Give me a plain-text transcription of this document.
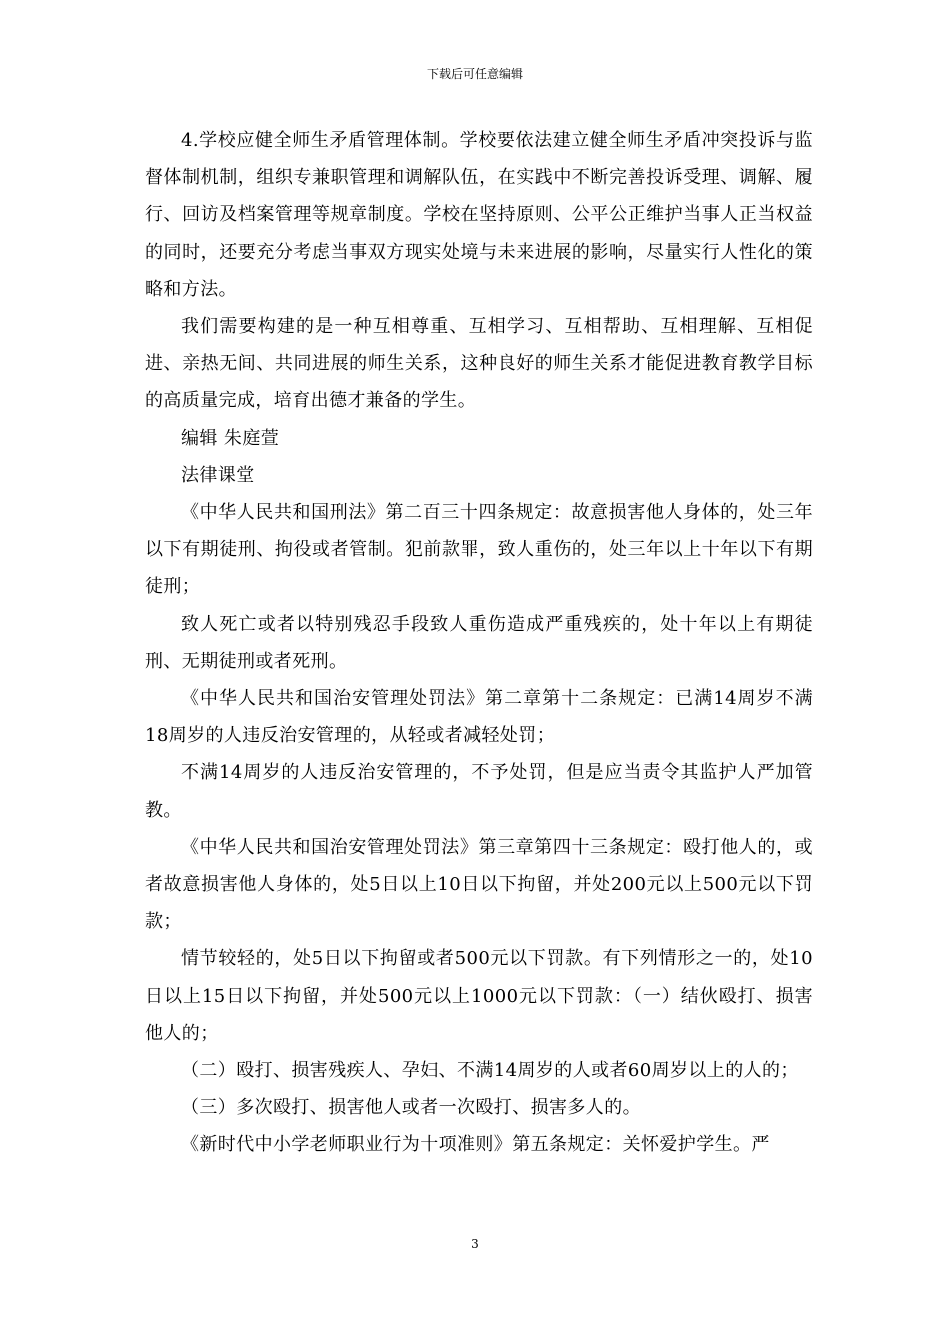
下载后可任意编辑

4.学校应健全师生矛盾管理体制。学校要依法建立健全师生矛盾冲突投诉与监督体制机制，组织专兼职管理和调解队伍，在实践中不断完善投诉受理、调解、履行、回访及档案管理等规章制度。学校在坚持原则、公平公正维护当事人正当权益的同时，还要充分考虑当事双方现实处境与未来进展的影响，尽量实行人性化的策略和方法。

我们需要构建的是一种互相尊重、互相学习、互相帮助、互相理解、互相促进、亲热无间、共同进展的师生关系，这种良好的师生关系才能促进教育教学目标的高质量完成，培育出德才兼备的学生。

编辑 朱庭萱

法律课堂

《中华人民共和国刑法》第二百三十四条规定：故意损害他人身体的，处三年以下有期徒刑、拘役或者管制。犯前款罪，致人重伤的，处三年以上十年以下有期徒刑；

致人死亡或者以特别残忍手段致人重伤造成严重残疾的，处十年以上有期徒刑、无期徒刑或者死刑。

《中华人民共和国治安管理处罚法》第二章第十二条规定：已满14周岁不满18周岁的人违反治安管理的，从轻或者减轻处罚；

不满14周岁的人违反治安管理的，不予处罚，但是应当责令其监护人严加管教。

《中华人民共和国治安管理处罚法》第三章第四十三条规定：殴打他人的，或者故意损害他人身体的，处5日以上10日以下拘留，并处200元以上500元以下罚款；

情节较轻的，处5日以下拘留或者500元以下罚款。有下列情形之一的，处10日以上15日以下拘留，并处500元以上1000元以下罚款：（一）结伙殴打、损害他人的；

（二）殴打、损害残疾人、孕妇、不满14周岁的人或者60周岁以上的人的；

（三）多次殴打、损害他人或者一次殴打、损害多人的。

《新时代中小学老师职业行为十项准则》第五条规定：关怀爱护学生。严

3
